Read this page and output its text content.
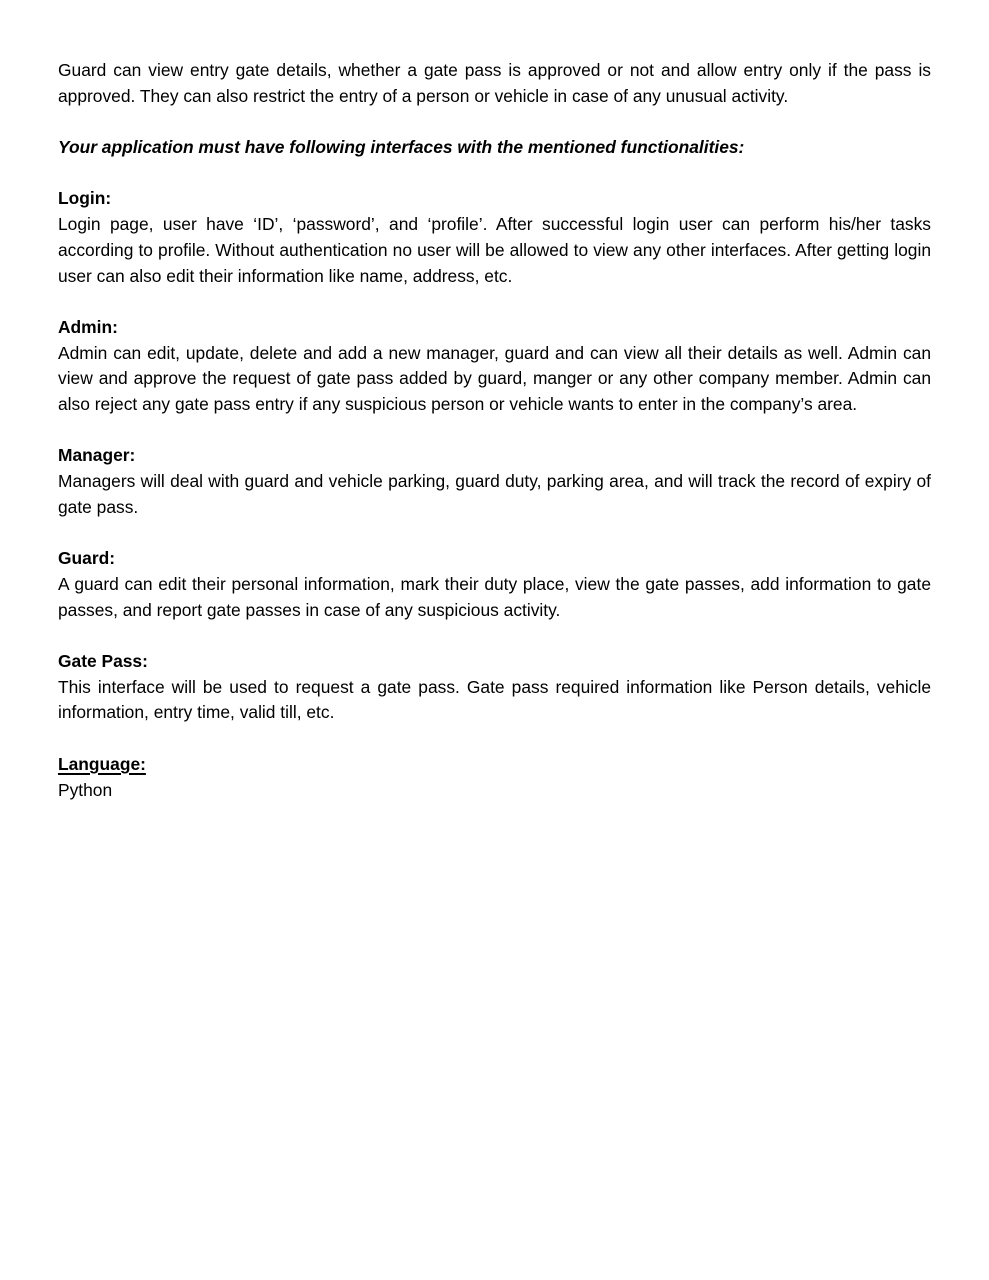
Guard can view entry gate details, whether a gate pass is approved or not and allow entry only if the pass is approved. They can also restrict the entry of a person or vehicle in case of any unusual activity.

Your application must have following interfaces with the mentioned functionalities:

Login:

Login page, user have ‘ID’, ‘password’, and ‘profile’. After successful login user can perform his/her tasks according to profile. Without authentication no user will be allowed to view any other interfaces. After getting login user can also edit their information like name, address, etc.

Admin:

Admin can edit, update, delete and add a new manager, guard and can view all their details as well. Admin can view and approve the request of gate pass added by guard, manger or any other company member. Admin can also reject any gate pass entry if any suspicious person or vehicle wants to enter in the company’s area.

Manager:

Managers will deal with guard and vehicle parking, guard duty, parking area, and will track the record of expiry of gate pass.

Guard:

A guard can edit their personal information, mark their duty place, view the gate passes, add information to gate passes, and report gate passes in case of any suspicious activity.

Gate Pass:

This interface will be used to request a gate pass. Gate pass required information like Person details, vehicle information, entry time, valid till, etc.

Language:

Python
